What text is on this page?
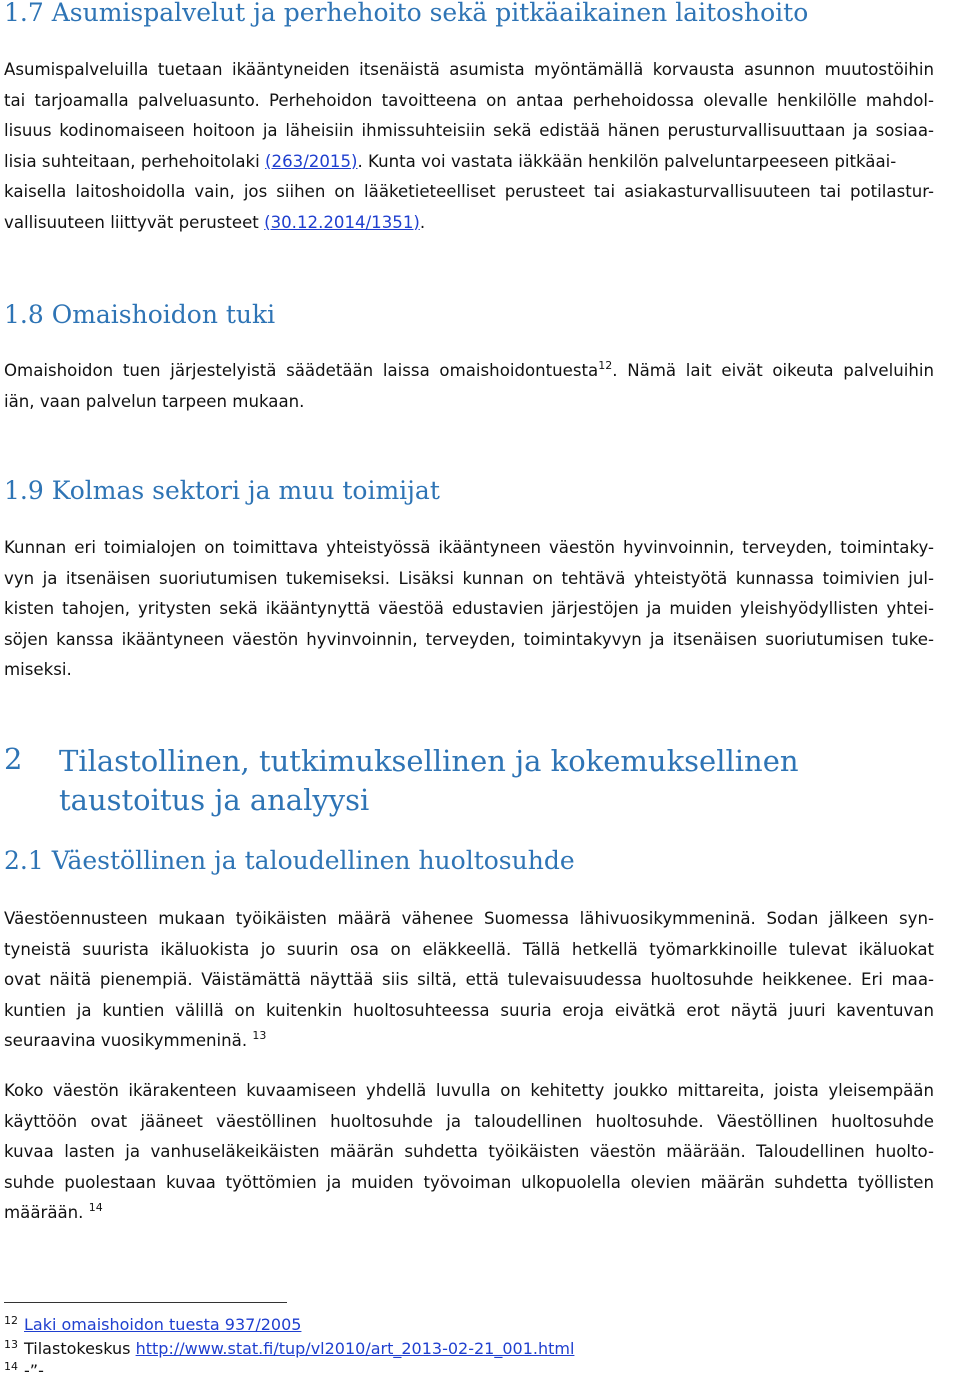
1.7 Asumispalvelut ja perhehoito sekä pitkäaikainen laitoshoito
Asumispalveluilla tuetaan ikääntyneiden itsenäistä asumista myöntämällä korvausta asunnon muutostöihin
tai tarjoamalla palveluasunto. Perhehoidon tavoitteena on antaa perhehoidossa olevalle henkilölle mahdol-
lisuus kodinomaiseen hoitoon ja läheisiin ihmissuhteisiin sekä edistää hänen perusturvallisuuttaan ja sosiaa-
lisia suhteitaan, perhehoitolaki (263/2015). Kunta voi vastata iäkkään henkilön palveluntarpeeseen pitkäai-
kaisella laitoshoidolla vain, jos siihen on lääketieteelliset perusteet tai asiakasturvallisuuteen tai potilastur-
vallisuuteen liittyvät perusteet (30.12.2014/1351).
1.8 Omaishoidon tuki
Omaishoidon tuen järjestelyistä säädetään laissa omaishoidontuesta$^{12}$. Nämä lait eivät oikeuta palveluihin
iän, vaan palvelun tarpeen mukaan.
1.9 Kolmas sektori ja muu toimijat
Kunnan eri toimialojen on toimittava yhteistyössä ikääntyneen väestön hyvinvoinnin, terveyden, toimintaky-
vyn ja itsenäisen suoriutumisen tukemiseksi. Lisäksi kunnan on tehtävä yhteistyötä kunnassa toimivien jul-
kisten tahojen, yritysten sekä ikääntynyttä väestöä edustavien järjestöjen ja muiden yleishyödyllisten yhtei-
söjen kanssa ikääntyneen väestön hyvinvoinnin, terveyden, toimintakyvyn ja itsenäisen suoriutumisen tuke-
miseksi.
2 Tilastollinen, tutkimuksellinen ja kokemuksellinen taustoitus ja analyysi
2.1 Väestöllinen ja taloudellinen huoltosuhde
Väestöennusteen mukaan työikäisten määrä vähenee Suomessa lähivuosikymmeninä. Sodan jälkeen syn-
tyneistä suurista ikäluokista jo suurin osa on eläkkeellä. Tällä hetkellä työmarkkinoille tulevat ikäluokat
ovat näitä pienempiä. Väistämättä näyttää siis siltä, että tulevaisuudessa huoltosuhde heikkenee. Eri maa-
kuntien ja kuntien välillä on kuitenkin huoltosuhteessa suuria eroja eivätkä erot näytä juuri kaventuvan
seuraavina vuosikymmeninä. $^{13}$
Koko väestön ikärakenteen kuvaamiseen yhdellä luvulla on kehitetty joukko mittareita, joista yleisempään
käyttöön ovat jääneet väestöllinen huoltosuhde ja taloudellinen huoltosuhde. Väestöllinen huoltosuhde
kuvaa lasten ja vanhuseläkeikäisten määrän suhdetta työikäisten väestön määrään. Taloudellinen huolto-
suhde puolestaan kuvaa työttömien ja muiden työvoiman ulkopuolella olevien määrän suhdetta työllisten
määrään. $^{14}$
$^{12}$ Laki omaishoidon tuesta 937/2005
$^{13}$ Tilastokeskus http://www.stat.fi/tup/vl2010/art_2013-02-21_001.html
$^{14}$ -”-
